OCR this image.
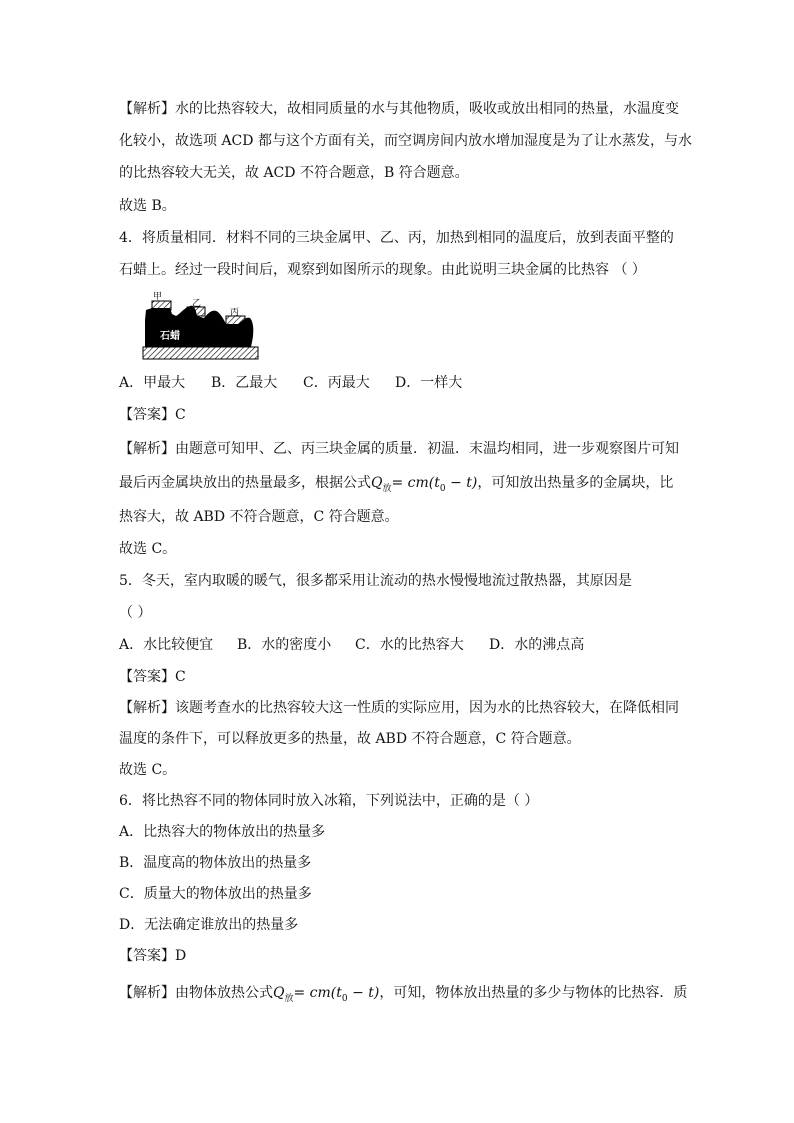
【解析】水的比热容较大，故相同质量的水与其他物质，吸收或放出相同的热量，水温度变
化较小，故选项 ACD 都与这个方面有关，而空调房间内放水增加湿度是为了让水蒸发，与水
的比热容较大无关，故 ACD 不符合题意，B 符合题意。
故选 B。
4．将质量相同．材料不同的三块金属甲、乙、丙，加热到相同的温度后，放到表面平整的
石蜡上。经过一段时间后，观察到如图所示的现象。由此说明三块金属的比热容 （ ）
甲
乙
丙
石蜡
A．甲最大 B．乙最大 C．丙最大 D．一样大
【答案】C
【解析】由题意可知甲、乙、丙三块金属的质量．初温．末温均相同，进一步观察图片可知
最后丙金属块放出的热量最多，根据公式$Q_放= cm(t_0 - t)$，可知放出热量多的金属块，比
热容大，故 ABD 不符合题意，C 符合题意。
故选 C。
5．冬天，室内取暖的暖气，很多都采用让流动的热水慢慢地流过散热器，其原因是
（ ）
A．水比较便宜 B．水的密度小 C．水的比热容大 D．水的沸点高
【答案】C
【解析】该题考查水的比热容较大这一性质的实际应用，因为水的比热容较大，在降低相同
温度的条件下，可以释放更多的热量，故 ABD 不符合题意，C 符合题意。
故选 C。
6．将比热容不同的物体同时放入冰箱，下列说法中，正确的是（ ）
A．比热容大的物体放出的热量多
B．温度高的物体放出的热量多
C．质量大的物体放出的热量多
D．无法确定谁放出的热量多
【答案】D
【解析】由物体放热公式$Q_放= cm(t_0 - t)$，可知，物体放出热量的多少与物体的比热容．质
